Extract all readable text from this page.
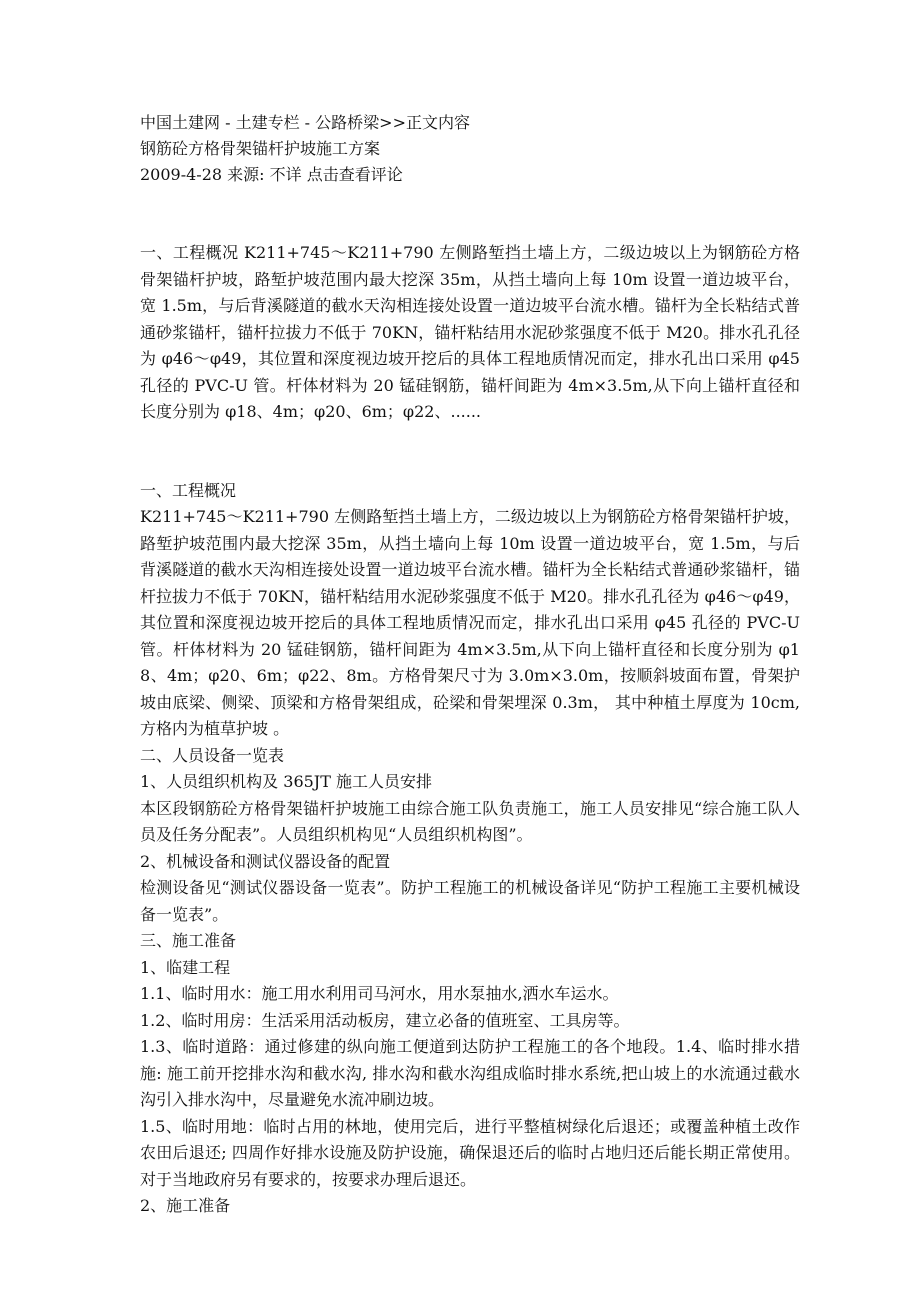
中国土建网 - 土建专栏 - 公路桥梁>>正文内容

钢筋砼方格骨架锚杆护坡施工方案

2009-4-28 来源: 不详 点击查看评论

一、工程概况 K211+745～K211+790 左侧路堑挡土墙上方，二级边坡以上为钢筋砼方格骨架锚杆护坡，路堑护坡范围内最大挖深 35m，从挡土墙向上每 10m 设置一道边坡平台，宽 1.5m，与后背溪隧道的截水天沟相连接处设置一道边坡平台流水槽。锚杆为全长粘结式普通砂浆锚杆，锚杆拉拔力不低于 70KN，锚杆粘结用水泥砂浆强度不低于 M20。排水孔孔径为 φ46～φ49，其位置和深度视边坡开挖后的具体工程地质情况而定，排水孔出口采用 φ45 孔径的 PVC-U 管。杆体材料为 20 锰硅钢筋，锚杆间距为 4m×3.5m,从下向上锚杆直径和长度分别为 φ18、4m；φ20、6m；φ22、......

一、工程概况

K211+745～K211+790 左侧路堑挡土墙上方，二级边坡以上为钢筋砼方格骨架锚杆护坡，路堑护坡范围内最大挖深 35m，从挡土墙向上每 10m 设置一道边坡平台，宽 1.5m，与后背溪隧道的截水天沟相连接处设置一道边坡平台流水槽。锚杆为全长粘结式普通砂浆锚杆，锚杆拉拔力不低于 70KN，锚杆粘结用水泥砂浆强度不低于 M20。排水孔孔径为 φ46～φ49，其位置和深度视边坡开挖后的具体工程地质情况而定，排水孔出口采用 φ45 孔径的 PVC-U 管。杆体材料为 20 锰硅钢筋，锚杆间距为 4m×3.5m,从下向上锚杆直径和长度分别为 φ18、4m；φ20、6m；φ22、8m。方格骨架尺寸为 3.0m×3.0m，按顺斜坡面布置，骨架护坡由底梁、侧梁、顶梁和方格骨架组成，砼梁和骨架埋深 0.3m， 其中种植土厚度为 10cm,方格内为植草护坡 。

二、人员设备一览表

1、人员组织机构及 365JT 施工人员安排

本区段钢筋砼方格骨架锚杆护坡施工由综合施工队负责施工，施工人员安排见“综合施工队人员及任务分配表”。人员组织机构见“人员组织机构图”。

2、机械设备和测试仪器设备的配置

检测设备见“测试仪器设备一览表”。防护工程施工的机械设备详见“防护工程施工主要机械设备一览表”。

三、施工准备

1、临建工程

1.1、临时用水：施工用水利用司马河水，用水泵抽水,洒水车运水。

1.2、临时用房：生活采用活动板房，建立必备的值班室、工具房等。

1.3、临时道路：通过修建的纵向施工便道到达防护工程施工的各个地段。1.4、临时排水措施: 施工前开挖排水沟和截水沟, 排水沟和截水沟组成临时排水系统,把山坡上的水流通过截水沟引入排水沟中，尽量避免水流冲刷边坡。

1.5、临时用地：临时占用的林地，使用完后，进行平整植树绿化后退还；或覆盖种植土改作农田后退还; 四周作好排水设施及防护设施，确保退还后的临时占地归还后能长期正常使用。对于当地政府另有要求的，按要求办理后退还。

2、施工准备
